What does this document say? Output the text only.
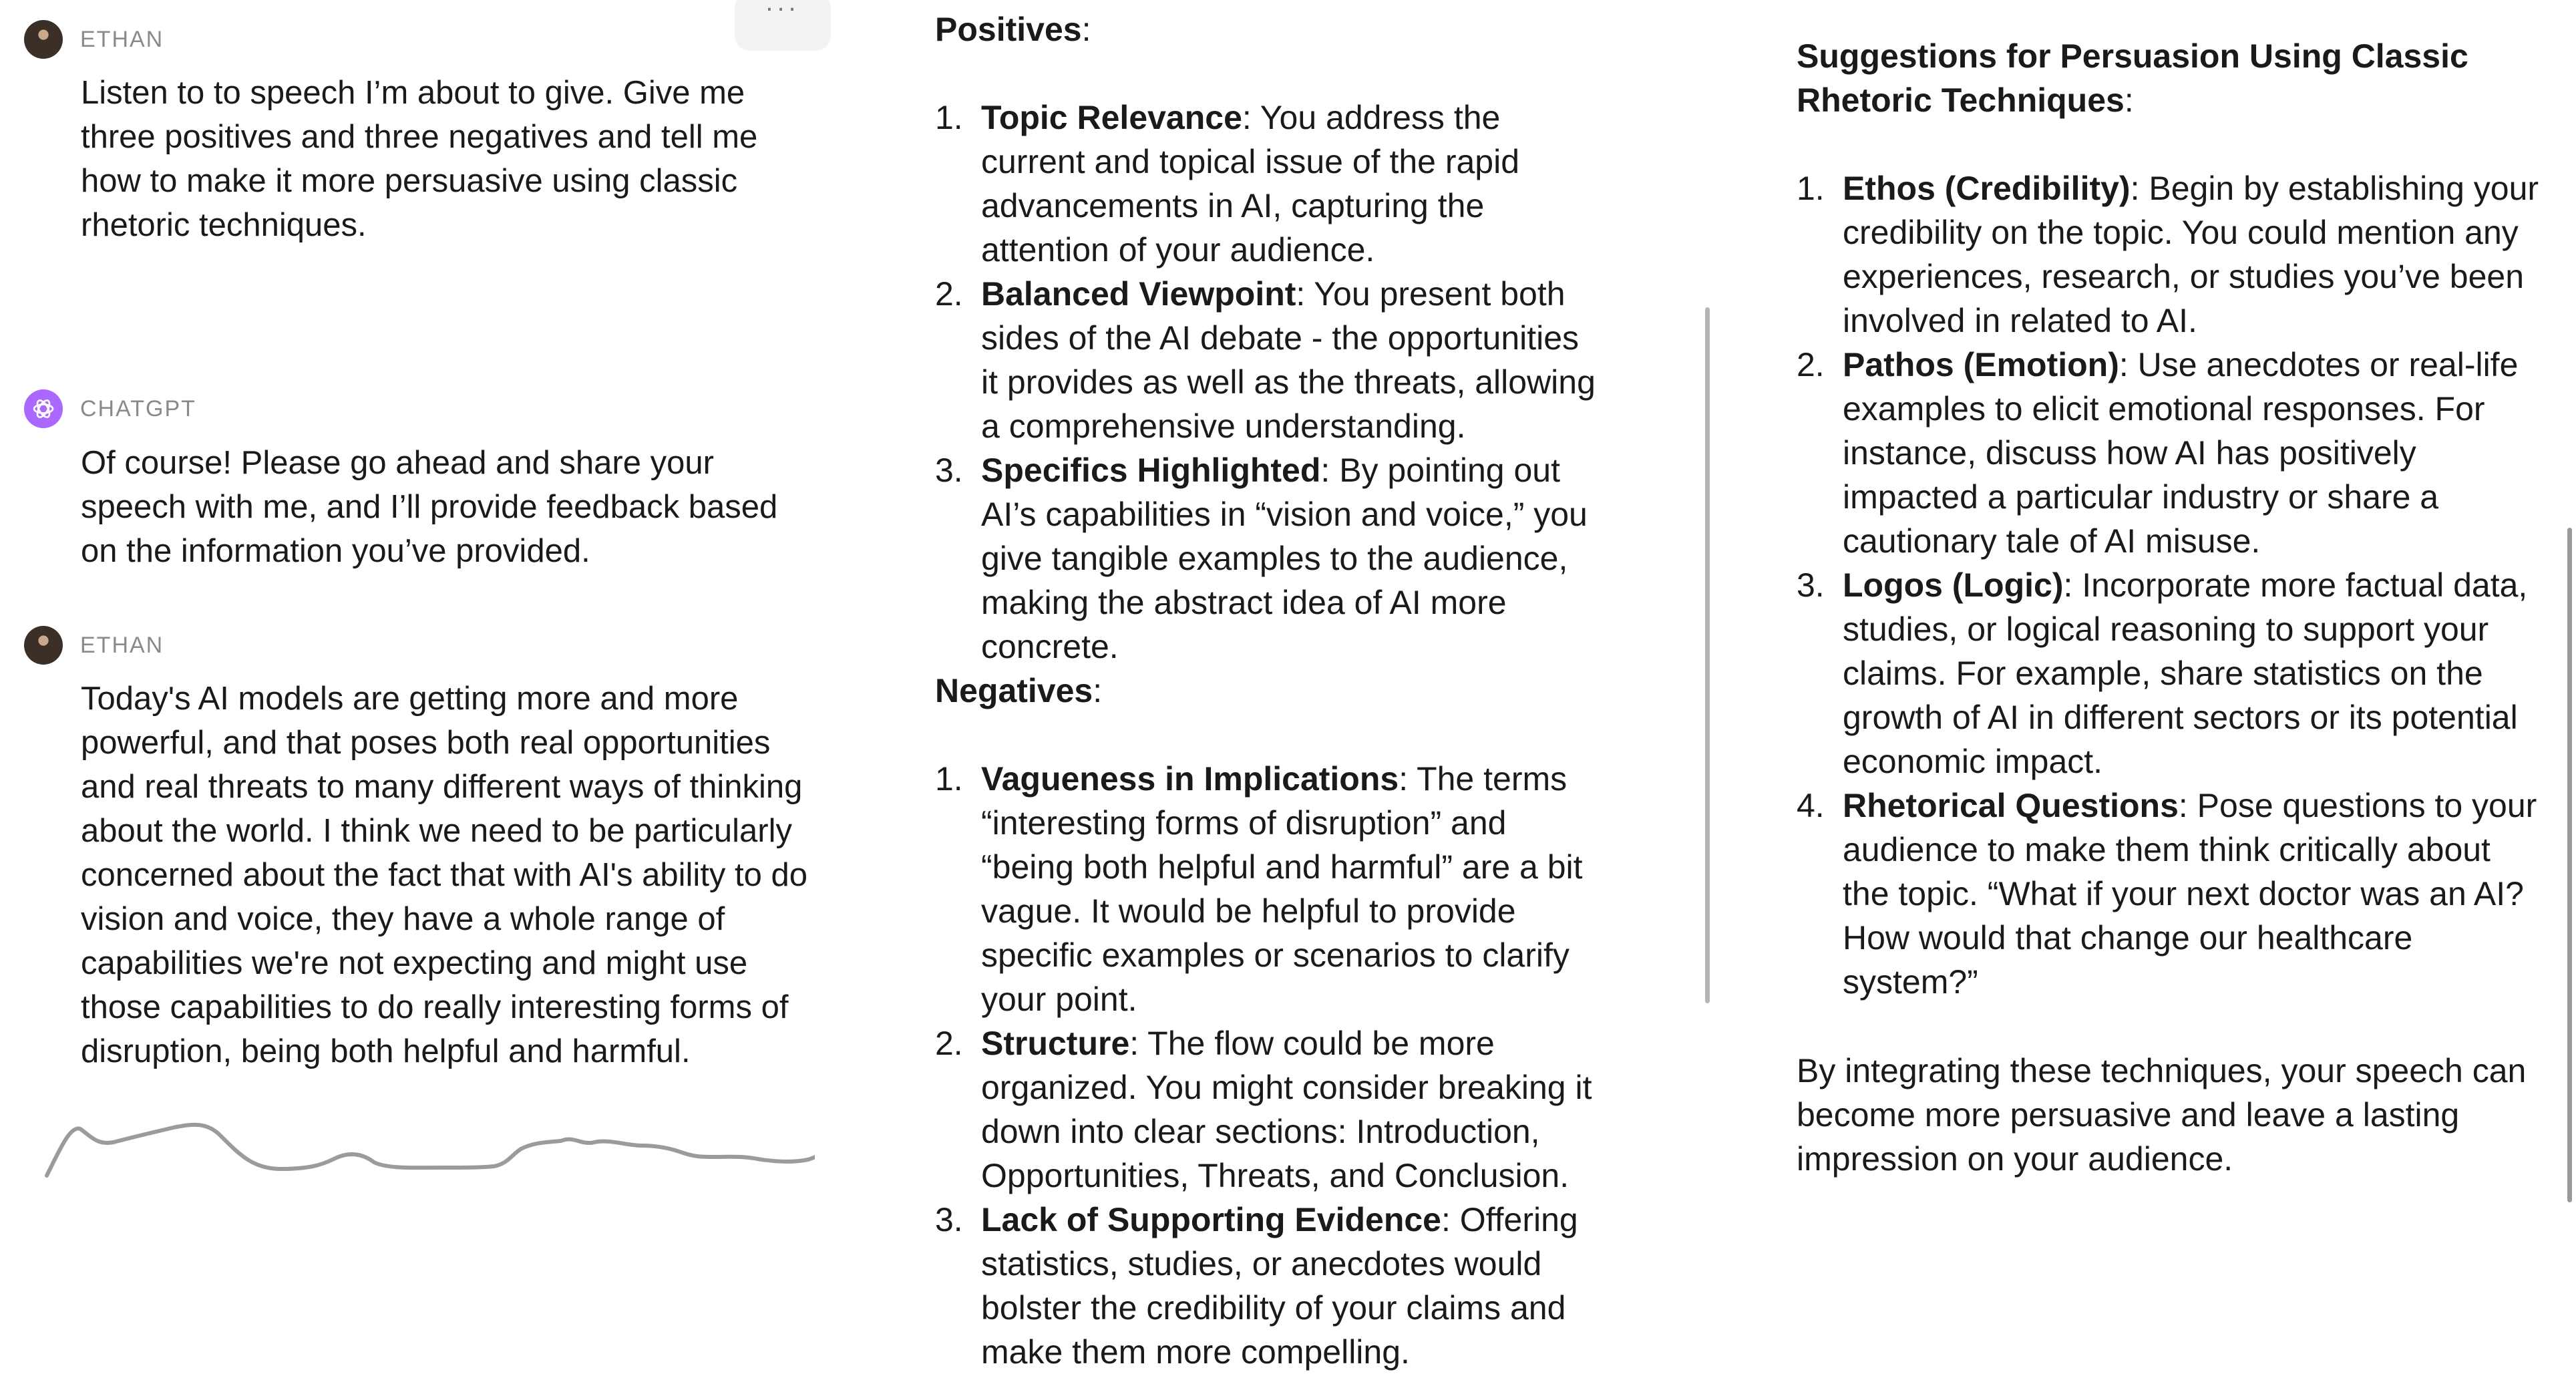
...
ETHAN

Listen to to speech I’m about to give. Give me three positives and three negatives and tell me how to make it more persuasive using classic rhetoric techniques.

CHATGPT

Of course! Please go ahead and share your speech with me, and I’ll provide feedback based on the information you’ve provided.

ETHAN

Today's AI models are getting more and more powerful, and that poses both real opportunities and real threats to many different ways of thinking about the world. I think we need to be particularly concerned about the fact that with AI's ability to do vision and voice, they have a whole range of capabilities we're not expecting and might use those capabilities to do really interesting forms of disruption, being both helpful and harmful.

Positives:

1. Topic Relevance: You address the current and topical issue of the rapid advancements in AI, capturing the attention of your audience.
2. Balanced Viewpoint: You present both sides of the AI debate - the opportunities it provides as well as the threats, allowing a comprehensive understanding.
3. Specifics Highlighted: By pointing out AI’s capabilities in “vision and voice,” you give tangible examples to the audience, making the abstract idea of AI more concrete.

Negatives:

1. Vagueness in Implications: The terms “interesting forms of disruption” and “being both helpful and harmful” are a bit vague. It would be helpful to provide specific examples or scenarios to clarify your point.
2. Structure: The flow could be more organized. You might consider breaking it down into clear sections: Introduction, Opportunities, Threats, and Conclusion.
3. Lack of Supporting Evidence: Offering statistics, studies, or anecdotes would bolster the credibility of your claims and make them more compelling.

Suggestions for Persuasion Using Classic Rhetoric Techniques:

1. Ethos (Credibility): Begin by establishing your credibility on the topic. You could mention any experiences, research, or studies you’ve been involved in related to AI.
2. Pathos (Emotion): Use anecdotes or real-life examples to elicit emotional responses. For instance, discuss how AI has positively impacted a particular industry or share a cautionary tale of AI misuse.
3. Logos (Logic): Incorporate more factual data, studies, or logical reasoning to support your claims. For example, share statistics on the growth of AI in different sectors or its potential economic impact.
4. Rhetorical Questions: Pose questions to your audience to make them think critically about the topic. “What if your next doctor was an AI? How would that change our healthcare system?”

By integrating these techniques, your speech can become more persuasive and leave a lasting impression on your audience.
